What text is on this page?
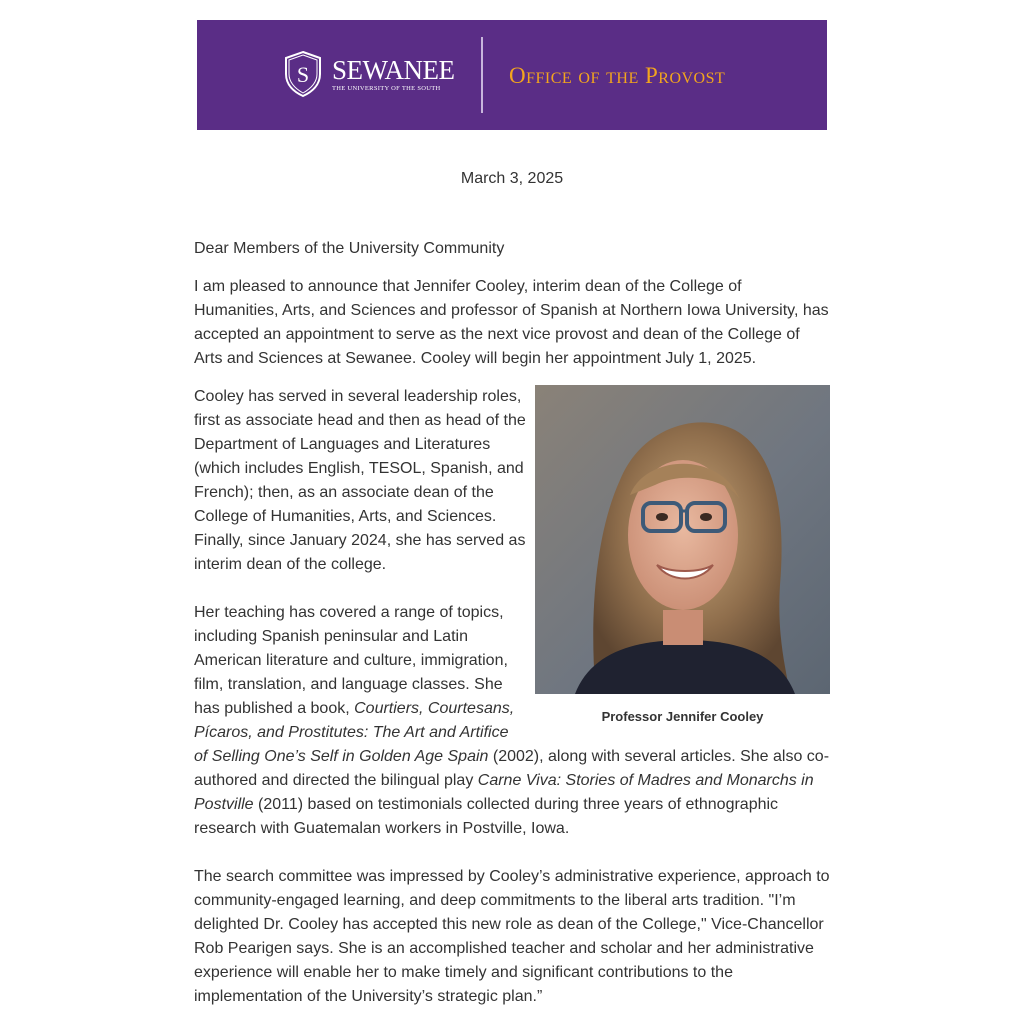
S SEWANEE
THE UNIVERSITY OF THE SOUTH
Office of the Provost
March 3, 2025

Dear Members of the University Community

I am pleased to announce that Jennifer Cooley, interim dean of the College of Humanities, Arts, and Sciences and professor of Spanish at Northern Iowa University, has accepted an appointment to serve as the next vice provost and dean of the College of Arts and Sciences at Sewanee. Cooley will begin her appointment July 1, 2025.

Professor Jennifer Cooley

Cooley has served in several leadership roles, first as associate head and then as head of the Department of Languages and Literatures (which includes English, TESOL, Spanish, and French); then, as an associate dean of the College of Humanities, Arts, and Sciences. Finally, since January 2024, she has served as interim dean of the college.

Her teaching has covered a range of topics, including Spanish peninsular and Latin American literature and culture, immigration, film, translation, and language classes. She has published a book, Courtiers, Courtesans, Pícaros, and Prostitutes: The Art and Artifice of Selling One’s Self in Golden Age Spain (2002), along with several articles. She also co-authored and directed the bilingual play Carne Viva: Stories of Madres and Monarchs in Postville (2011) based on testimonials collected during three years of ethnographic research with Guatemalan workers in Postville, Iowa.

The search committee was impressed by Cooley’s administrative experience, approach to community-engaged learning, and deep commitments to the liberal arts tradition. "I’m delighted Dr. Cooley has accepted this new role as dean of the College," Vice-Chancellor Rob Pearigen says. She is an accomplished teacher and scholar and her administrative experience will enable her to make timely and significant contributions to the implementation of the University’s strategic plan.”
